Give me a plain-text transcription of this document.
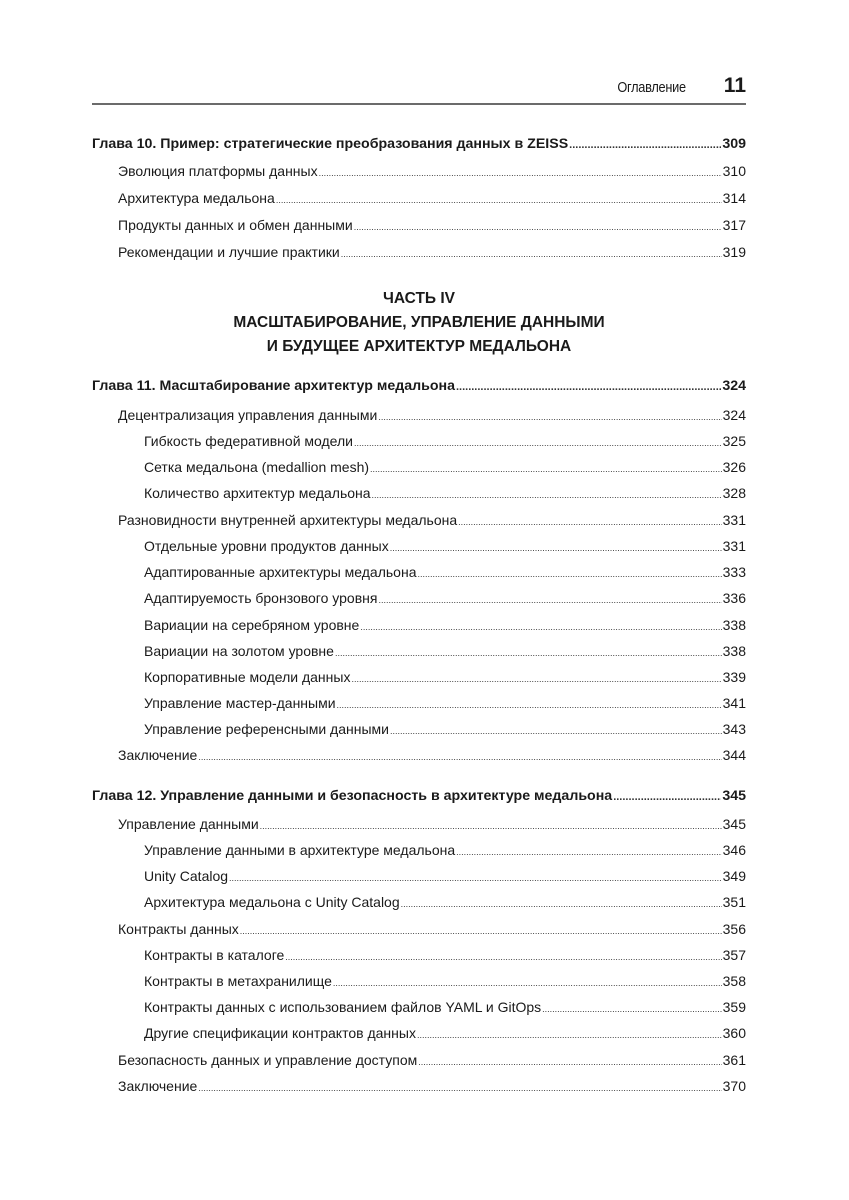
Оглавление 11
Глава 10. Пример: стратегические преобразования данных в ZEISS .....	309
Эволюция платформы данных .....	310
Архитектура медальона .....	314
Продукты данных и обмен данными .....	317
Рекомендации и лучшие практики .....	319
ЧАСТЬ IV
МАСШТАБИРОВАНИЕ, УПРАВЛЕНИЕ ДАННЫМИ
И БУДУЩЕЕ АРХИТЕКТУР МЕДАЛЬОНА
Глава 11. Масштабирование архитектур медальона .....	324
Децентрализация управления данными .....	324
Гибкость федеративной модели .....	325
Сетка медальона (medallion mesh) .....	326
Количество архитектур медальона .....	328
Разновидности внутренней архитектуры медальона .....	331
Отдельные уровни продуктов данных .....	331
Адаптированные архитектуры медальона .....	333
Адаптируемость бронзового уровня .....	336
Вариации на серебряном уровне .....	338
Вариации на золотом уровне .....	338
Корпоративные модели данных .....	339
Управление мастер-данными .....	341
Управление референсными данными .....	343
Заключение .....	344
Глава 12. Управление данными и безопасность в архитектуре медальона .....	345
Управление данными .....	345
Управление данными в архитектуре медальона .....	346
Unity Catalog .....	349
Архитектура медальона с Unity Catalog .....	351
Контракты данных .....	356
Контракты в каталоге .....	357
Контракты в метахранилище .....	358
Контракты данных с использованием файлов YAML и GitOps .....	359
Другие спецификации контрактов данных .....	360
Безопасность данных и управление доступом .....	361
Заключение .....	370
